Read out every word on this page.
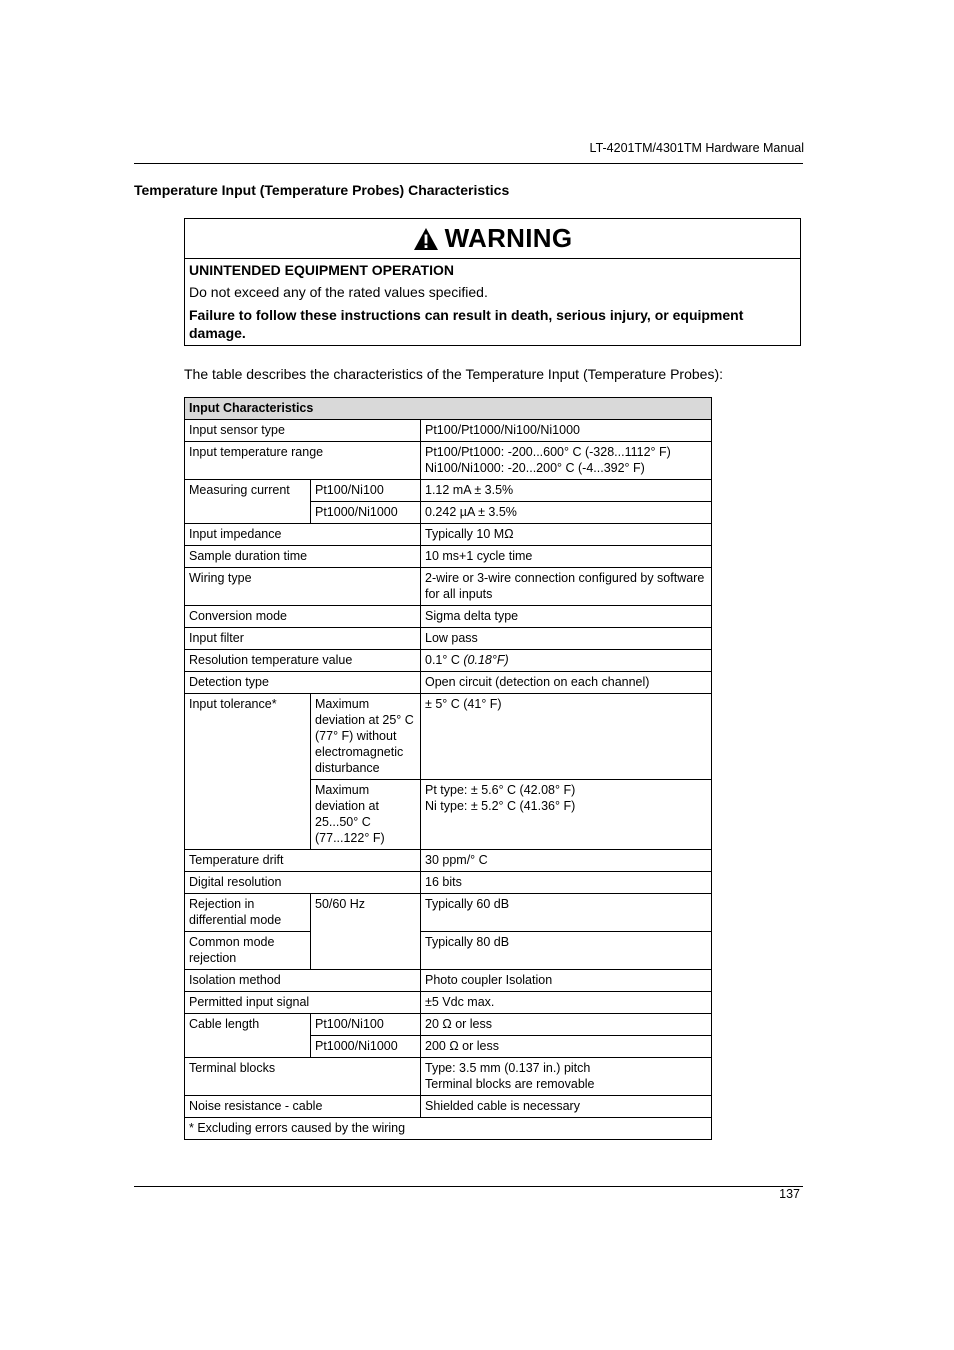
LT-4201TM/4301TM Hardware Manual
Temperature Input (Temperature Probes) Characteristics
WARNING
UNINTENDED EQUIPMENT OPERATION
Do not exceed any of the rated values specified.
Failure to follow these instructions can result in death, serious injury, or equipment damage.
The table describes the characteristics of the Temperature Input (Temperature Probes):
Input Characteristics		
Input sensor type		Pt100/Pt1000/Ni100/Ni1000
Input temperature range		Pt100/Pt1000: -200...600° C (-328...1112° F)
Ni100/Ni1000: -20...200° C (-4...392° F)

Measuring current	Pt100/Ni100	1.12 mA ± 3.5%
	Pt1000/Ni1000	0.242 µA ± 3.5%
Input impedance		Typically 10 MΩ
Sample duration time		10 ms+1 cycle time
Wiring type		2-wire or 3-wire connection configured by software for all inputs
Conversion mode		Sigma delta type
Input filter		Low pass
Resolution temperature value		0.1° C (0.18°F)
Detection type		Open circuit (detection on each channel)
Input tolerance*	Maximum deviation at 25° C (77° F) without electromagnetic disturbance	± 5° C (41° F)
	Maximum deviation at 25...50° C (77...122° F)	Pt type: ± 5.6° C (42.08° F)
Ni type: ± 5.2° C (41.36° F)

Temperature drift		30 ppm/° C
Digital resolution		16 bits
Rejection in differential mode	50/60 Hz	Typically 60 dB
Common mode rejection		Typically 80 dB
Isolation method		Photo coupler Isolation
Permitted input signal		±5 Vdc max.
Cable length	Pt100/Ni100	20 Ω or less
	Pt1000/Ni1000	200 Ω or less
Terminal blocks		Type: 3.5 mm (0.137 in.) pitch
Terminal blocks are removable

Noise resistance - cable		Shielded cable is necessary
* Excluding errors caused by the wiring		
137
